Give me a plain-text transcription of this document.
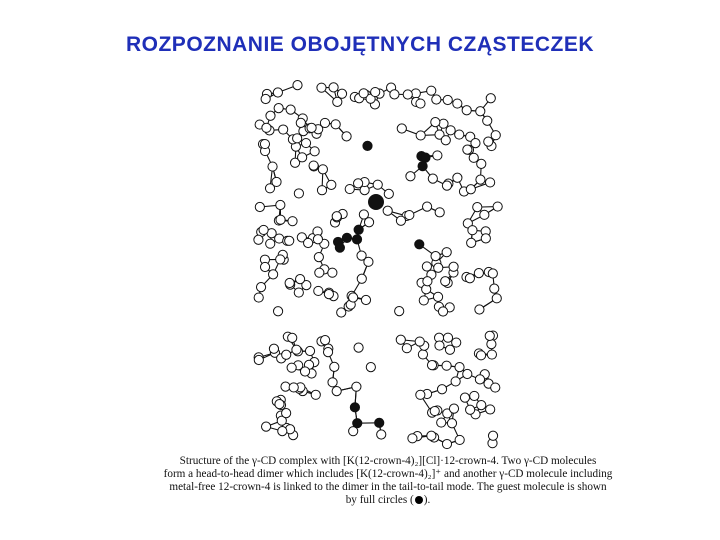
ROZPOZNANIE OBOJĘTNYCH CZĄSTECZEK
Structure of the γ-CD complex with [K(12-crown-4)₂][Cl]·12-crown-4. Two γ-CD molecules
form a head-to-head dimer which includes [K(12-crown-4)₂]⁺ and another γ-CD molecule including
metal-free 12-crown-4 is linked to the dimer in the tail-to-tail mode. The guest molecule is shown
by full circles ( ).
